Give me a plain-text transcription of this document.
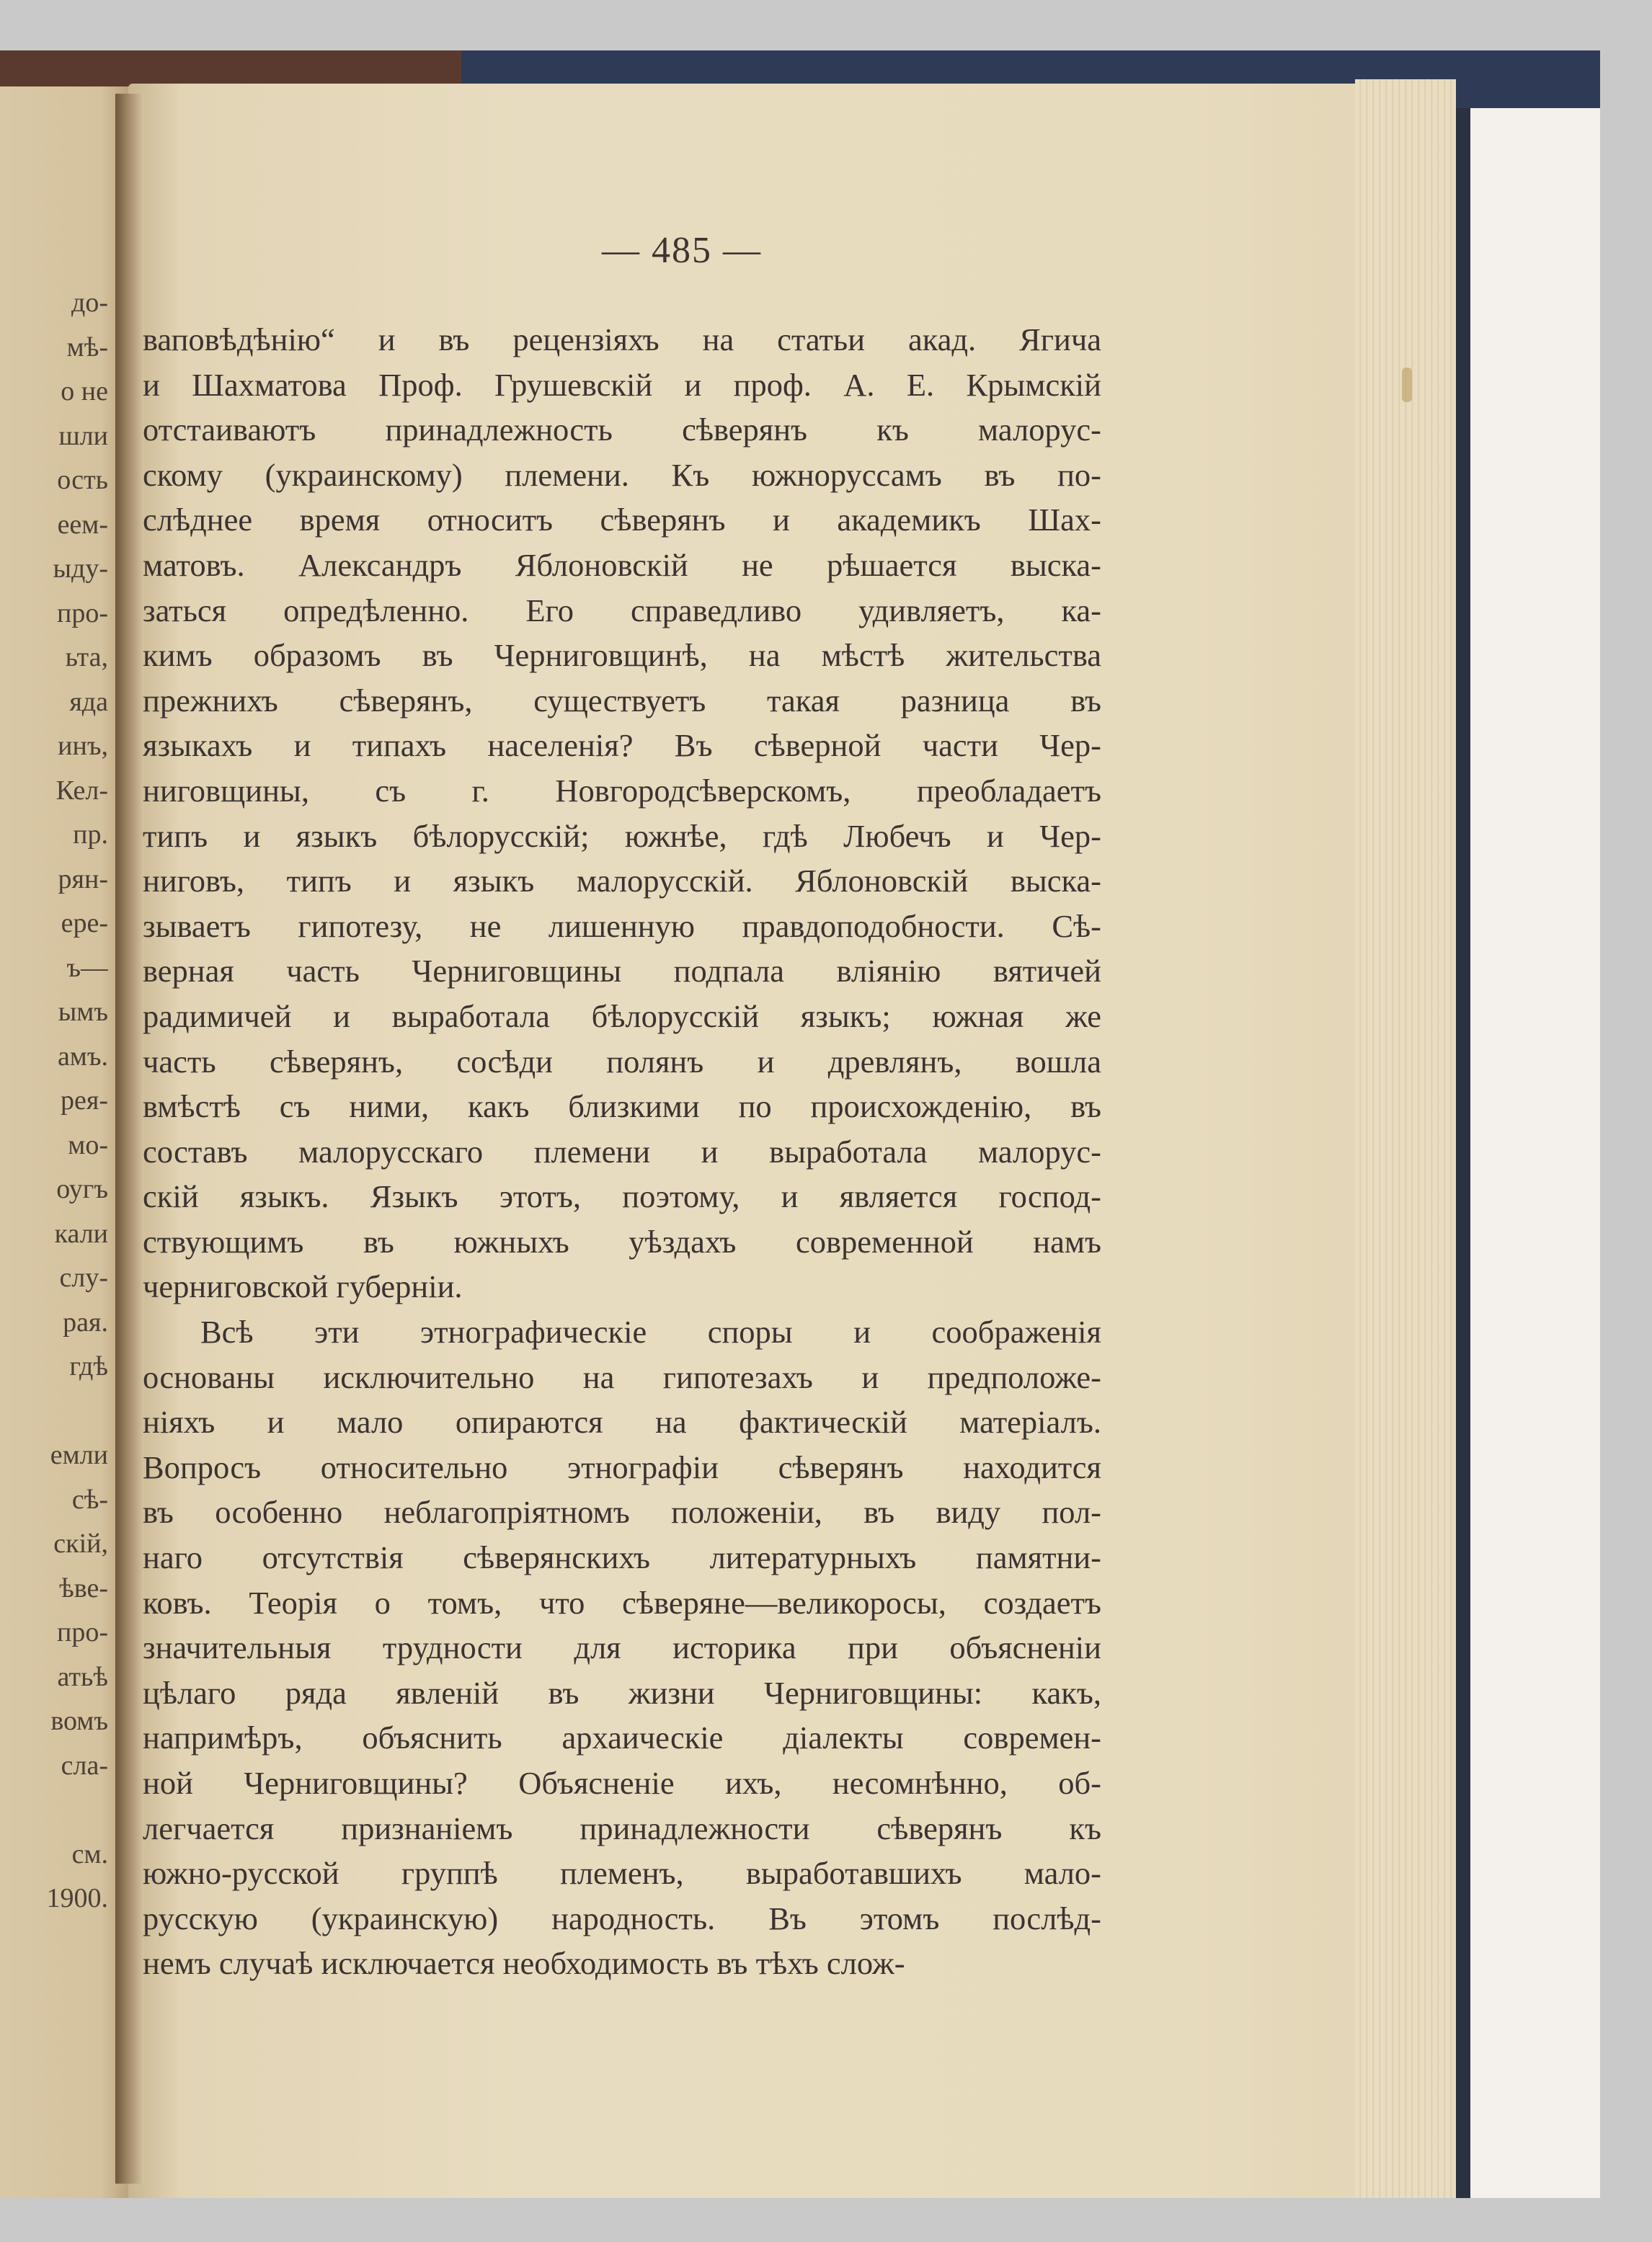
до-
мѣ-
о не
шли
ость
еем-
ыду-
про-
ьта,
яда
инъ,
Кел-
пр.
рян-
ере-
ъ—
ымъ
амъ.
рея-
мо-
оугъ
кали
слу-
рая.
гдѣ
емли
сѣ-
скій,
ѣве-
про-
атьѣ
вомъ
сла-
см.
1900.
— 485 —
ваповѣдѣнію“ и въ рецензіяхъ на статьи акад. Ягича
и Шахматова Проф. Грушевскій и проф. А. Е. Крымскій
отстаиваютъ принадлежность сѣверянъ къ малорус-
скому (украинскому) племени. Къ южноруссамъ въ по-
слѣднее время относитъ сѣверянъ и академикъ Шах-
матовъ. Александръ Яблоновскій не рѣшается выска-
заться опредѣленно. Его справедливо удивляетъ, ка-
кимъ образомъ въ Черниговщинѣ, на мѣстѣ жительства
прежнихъ сѣверянъ, существуетъ такая разница въ
языкахъ и типахъ населенія? Въ сѣверной части Чер-
ниговщины, съ г. Новгородсѣверскомъ, преобладаетъ
типъ и языкъ бѣлорусскій; южнѣе, гдѣ Любечъ и Чер-
ниговъ, типъ и языкъ малорусскій. Яблоновскій выска-
зываетъ гипотезу, не лишенную правдоподобности. Сѣ-
верная часть Черниговщины подпала вліянію вятичей
радимичей и выработала бѣлорусскій языкъ; южная же
часть сѣверянъ, сосѣди полянъ и древлянъ, вошла
вмѣстѣ съ ними, какъ близкими по происхожденію, въ
составъ малорусскаго племени и выработала малорус-
скій языкъ. Языкъ этотъ, поэтому, и является господ-
ствующимъ въ южныхъ уѣздахъ современной намъ
черниговской губерніи.
Всѣ эти этнографическіе споры и соображенія
основаны исключительно на гипотезахъ и предположе-
ніяхъ и мало опираются на фактическій матеріалъ.
Вопросъ относительно этнографіи сѣверянъ находится
въ особенно неблагопріятномъ положеніи, въ виду пол-
наго отсутствія сѣверянскихъ литературныхъ памятни-
ковъ. Теорія о томъ, что сѣверяне—великоросы, создаетъ
значительныя трудности для историка при объясненіи
цѣлаго ряда явленій въ жизни Черниговщины: какъ,
напримѣръ, объяснить архаическіе діалекты современ-
ной Черниговщины? Объясненіе ихъ, несомнѣнно, об-
легчается признаніемъ принадлежности сѣверянъ къ
южно-русской группѣ племенъ, выработавшихъ мало-
русскую (украинскую) народность. Въ этомъ послѣд-
немъ случаѣ исключается необходимость въ тѣхъ слож-
